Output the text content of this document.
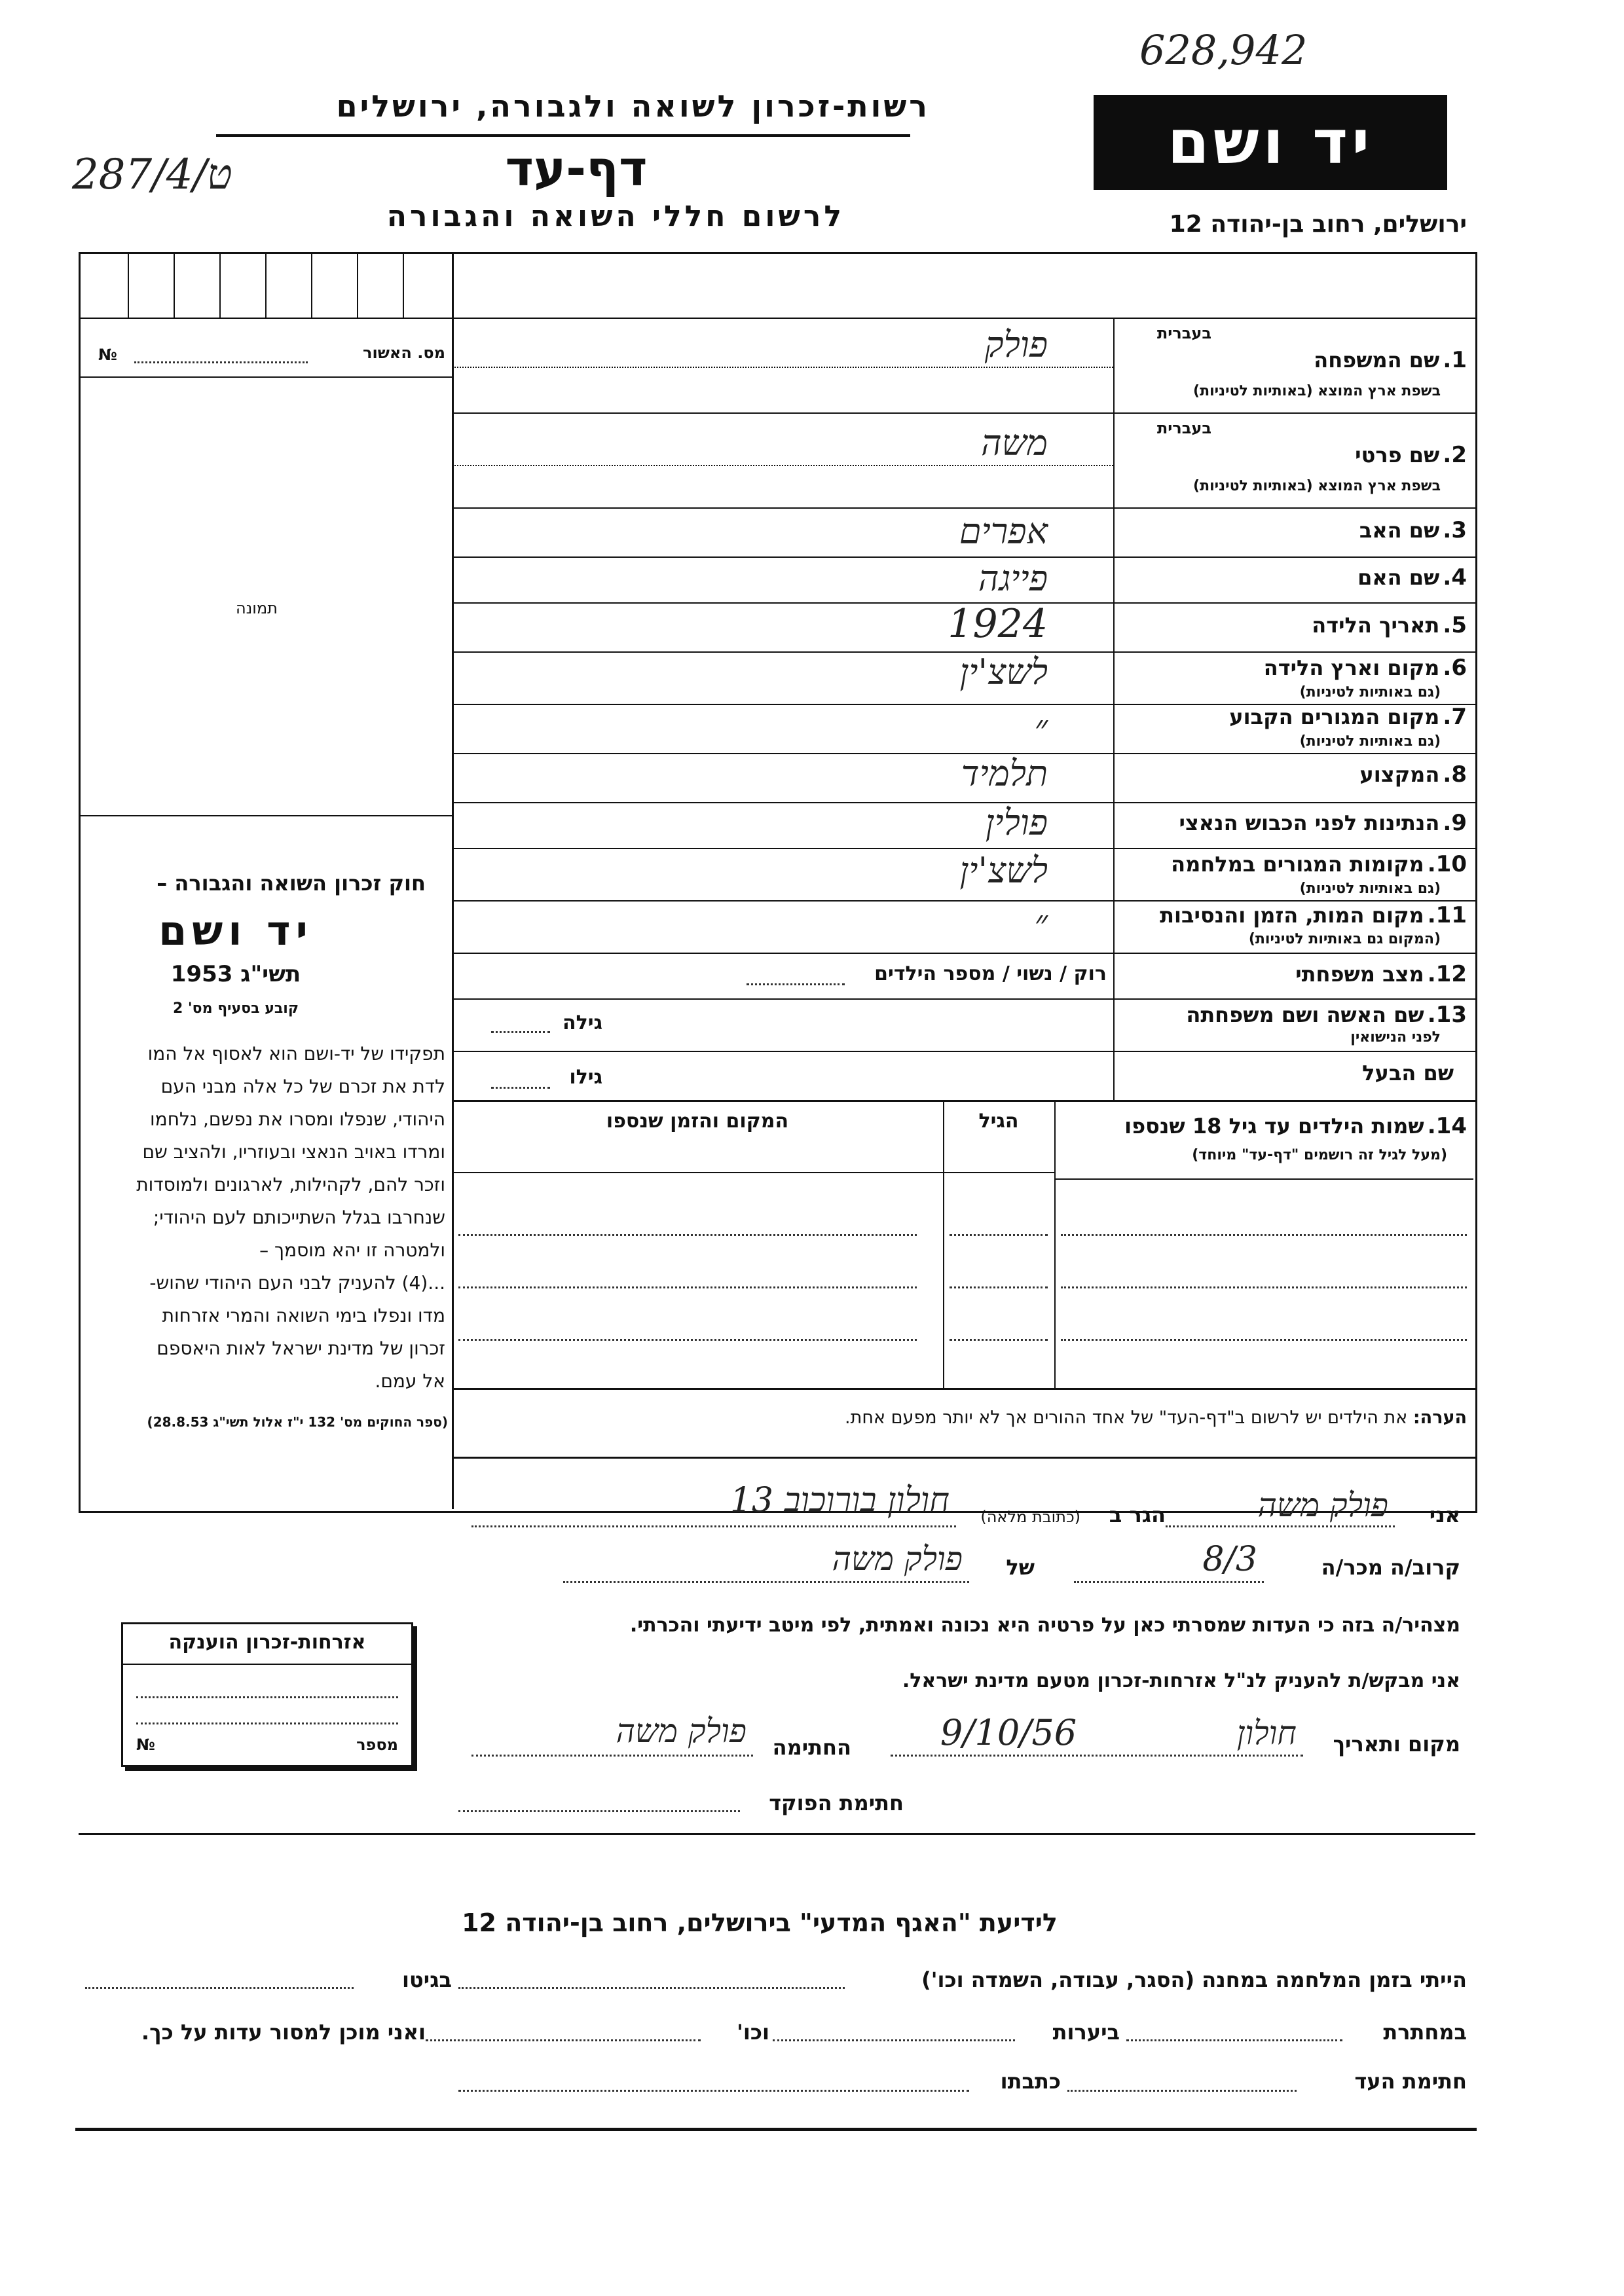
628,942
287/ט/4
רשות-זכרון לשואה ולגבורה, ירושלים
דף-עד
לרשום חללי השואה והגבורה
יד ושם
ירושלים, רחוב בן-יהודה 12
מס. האשור
№
תמונה
חוק זכרון השואה והגבורה –
יד ושם
תשי"ג 1953
קובע בסעיף מס' 2
תפקידו של יד-ושם הוא לאסוף אל המו
לדת את זכרם של כל אלה מבני העם
היהודי, שנפלו ומסרו את נפשם, נלחמו
ומרדו באויב הנאצי ובעוזריו, ולהציב שם
וזכר להם, לקהילות, לארגונים ולמוסדות
שנחרבו בגלל השתייכותם לעם היהודי;
ולמטרה זו יהא מוסמך –
...(4) להעניק לבני העם היהודי שהוש-
מדו ונפלו בימי השואה והמרי אזרחות
זכרון של מדינת ישראל לאות היאספם
אל עמם.
(ספר החוקים מס' 132 י"ז אלול תשי"ג 28.8.53)
בעברית
1. שם המשפחה
בשפת ארץ המוצא (באותיות לטיניות)
פולק
בעברית
2. שם פרטי
בשפת ארץ המוצא (באותיות לטיניות)
משה
3. שם האב
אפרים
4. שם האם
פייגה
5. תאריך הלידה
1924
6. מקום וארץ הלידה
(גם באותיות לטיניות)
לשצ'ין
7. מקום המגורים הקבוע
(גם באותיות לטיניות)
״
8. המקצוע
תלמיד
9. הנתינות לפני הכבוש הנאצי
פולין
10. מקומות המגורים במלחמה
(גם באותיות לטיניות)
לשצ'ין
11. מקום המות, הזמן והנסיבות
(המקום גם באותיות לטיניות)
״
12. מצב משפחתי
רוק / נשוי / מספר הילדים
13. שם האשה ושם משפחתה
לפני הנישואין
גילה
שם הבעל
גילו
14. שמות הילדים עד גיל 18 שנספו
(מעל לגיל זה רושמים "דף-עד" מיוחד)
הגיל
המקום והזמן שנספו
הערה: את הילדים יש לרשום ב"דף-העד" של אחד ההורים אך לא יותר מפעם אחת.
אני
פולק משה
הגר ב
(כתובת מלאה)
חולון בורוכוב 13
קרוב/ה מכר/ה
8/3
של
פולק משה
מצהיר/ה בזה כי העדות שמסרתי כאן על פרטיה היא נכונה ואמתית, לפי מיטב ידיעתי והכרתי.
אני מבקש/ת להעניק לנ"ל אזרחות-זכרון מטעם מדינת ישראל.
מקום ותאריך
חולון
9/10/56
החתימה
פולק משה
חתימת הפוקד
אזרחות-זכרון הוענקה
מספר
№
לידיעת "האגף המדעי" בירושלים, רחוב בן-יהודה 12
הייתי בזמן המלחמה במחנה (הסגר, עבודה, השמדה וכו')
בגיטו
במחתרת
ביערות
וכו'
ואני מוכן למסור עדות על כך.
חתימת העד
כתבתו
